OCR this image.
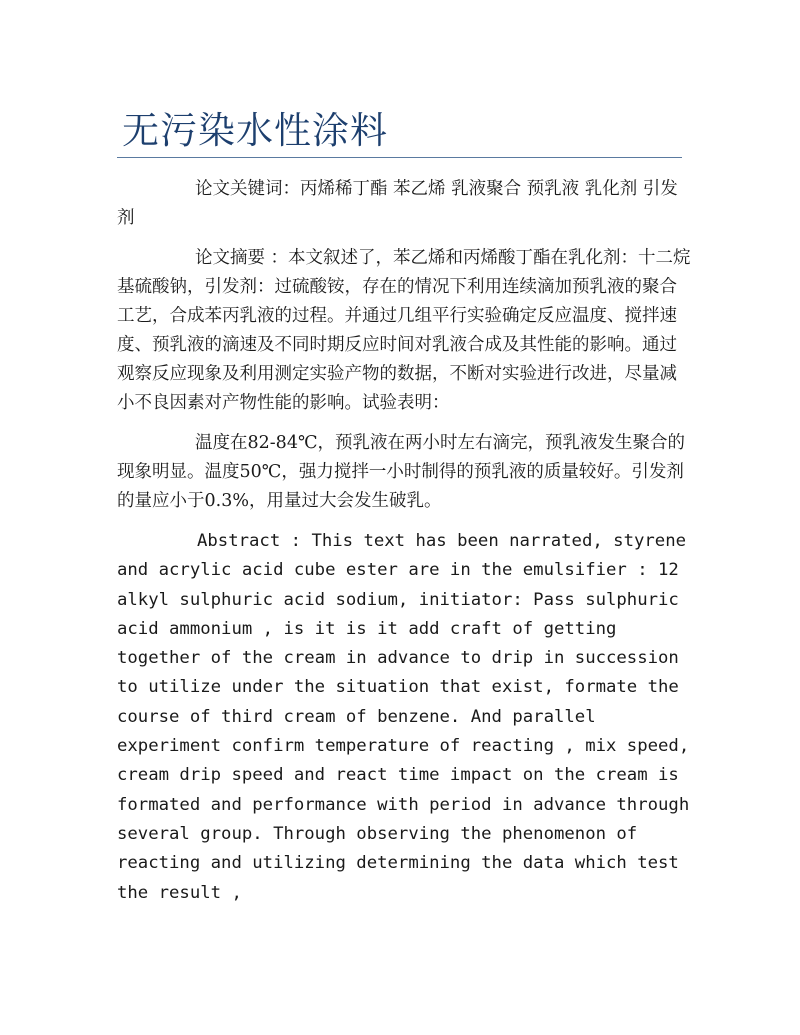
无污染水性涂料

论文关键词：丙烯稀丁酯 苯乙烯 乳液聚合 预乳液 乳化剂 引发剂

论文摘要 ：本文叙述了，苯乙烯和丙烯酸丁酯在乳化剂：十二烷基硫酸钠，引发剂：过硫酸铵，存在的情况下利用连续滴加预乳液的聚合工艺，合成苯丙乳液的过程。并通过几组平行实验确定反应温度、搅拌速度、预乳液的滴速及不同时期反应时间对乳液合成及其性能的影响。通过观察反应现象及利用测定实验产物的数据，不断对实验进行改进，尽量减小不良因素对产物性能的影响。试验表明：

温度在82-84℃，预乳液在两小时左右滴完，预乳液发生聚合的现象明显。温度50℃，强力搅拌一小时制得的预乳液的质量较好。引发剂的量应小于0.3%，用量过大会发生破乳。

Abstract : This text has been narrated, styrene and acrylic acid cube ester are in the emulsifier : 12 alkyl sulphuric acid sodium, initiator: Pass sulphuric acid ammonium , is it is it add craft of getting together of the cream in advance to drip in succession to utilize under the situation that exist, formate the course of third cream of benzene. And parallel experiment confirm temperature of reacting , mix speed, cream drip speed and react time impact on the cream is formated and performance with period in advance through several group. Through observing the phenomenon of reacting and utilizing determining the data which test the result ,
